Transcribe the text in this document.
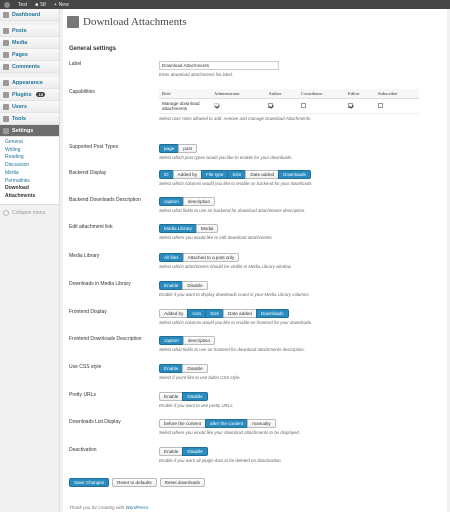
Test ■ 58 + New
Dashboard
Posts
Media
Pages
Comments
Appearance
Plugins	10
Users
Tools
Settings
General
Writing
Reading
Discussion
Media
Permalinks
Download Attachments
Collapse menu
Download Attachments
General settings
Label	Download Attachments
Enter download attachments list label.
Capabilities	Role	Administrator	Author	Contributor	Editor	Subscriber
Manage download attachments					
Select user roles allowed to add, remove and manage Download Attachments.
Supported Post Types	page	post
Select which post types would you like to enable for your downloads.
Backend Display	ID	Added by	File type	Size	Date added	Downloads
Select which columns would you like to enable on backend for your downloads.
Backend Downloads Description	caption	description
Select what fields to use on backend for download attachments description.
Edit attachment link	Media Library	Modal
Select where you would like to edit download attachments.
Media Library	All files	Attached to a post only
Select which attachments should be visible in Media Library window.
Downloads in Media Library	Enable	Disable
Enable if you want to display downloads count in your Media Library columns.
Frontend Display	Added by	Icon	Size	Date added	Downloads
Select which columns would you like to enable on frontend for your downloads.
Frontend Downloads Description	caption	description
Select what fields to use on frontend for download attachments description.
Use CSS style	Enable	Disable
Select if you'd like to use bultin CSS style.
Pretty URLs	Enable	Disable
Enable if you want to use pretty URLs.
Downloads List Display	before the content	after the content	manually
Select where you would like your download attachments to be displayed.
Deactivation	Enable	Disable
Enable if you want all plugin data to be deleted on deactivation.
Save Changes	Reset to defaults	Reset downloads
Thank you for creating with WordPress.
